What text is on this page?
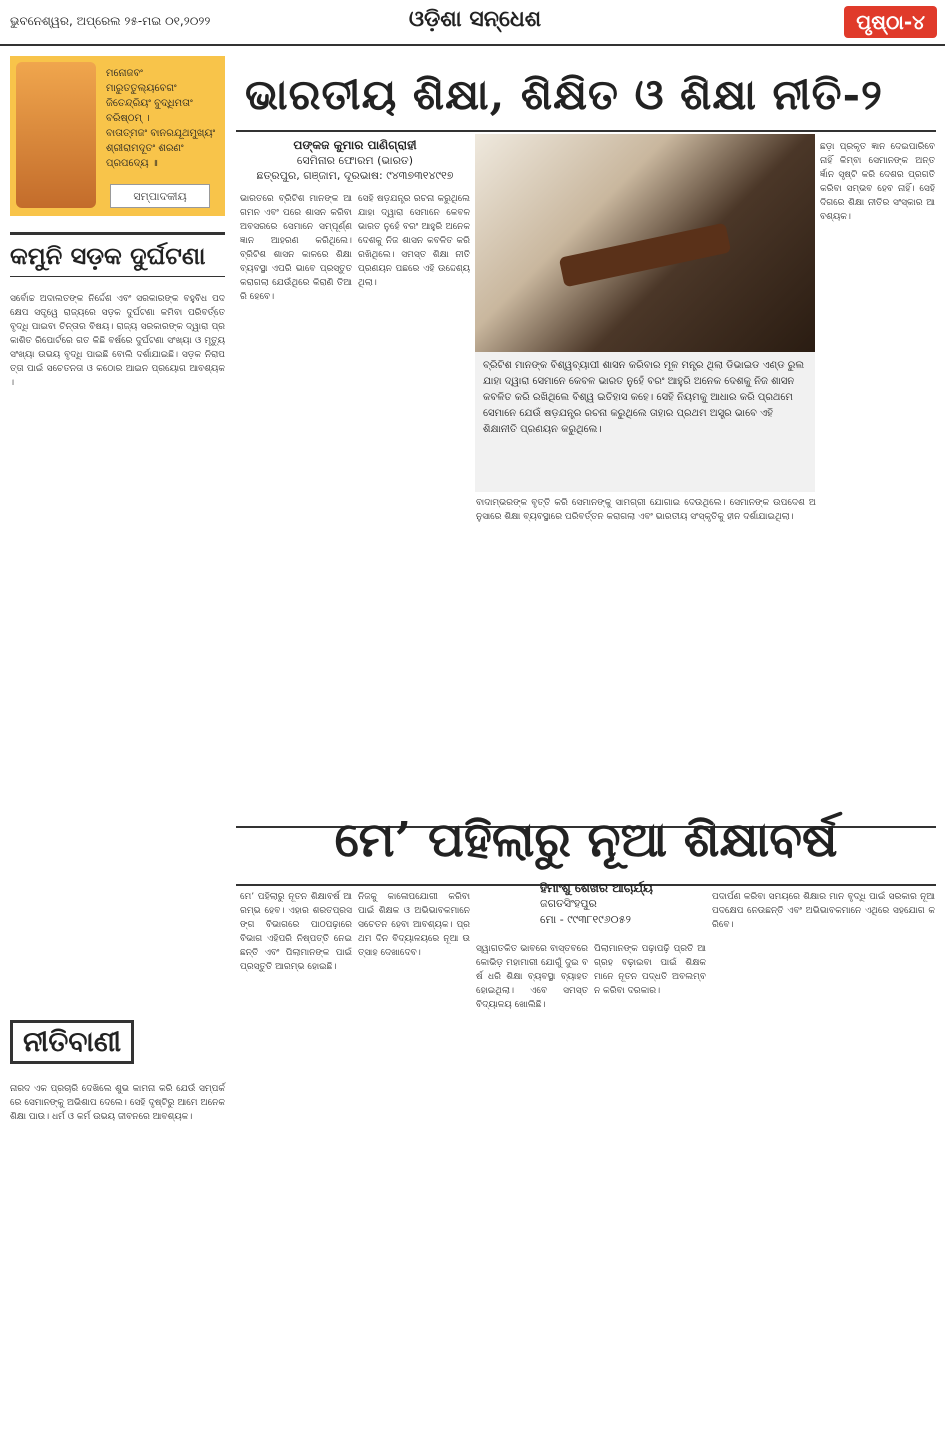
ଭୁବନେଶ୍ୱର, ଅପ୍ରେଲ ୨୫-ମଇ ୦୧,୨୦୨୨	ଓଡ଼ିଶା ସନ୍ଧେଶ	ପୃଷ୍ଠା-୪
ମନୋଜବଂ
ମାରୁତତୁଲ୍ୟବେଗଂ
ଜିତେନ୍ଦ୍ରିୟଂ ବୁଦ୍ଧିମତାଂ
ବରିଷ୍ଠମ୍ ।
ବାତାତ୍ମଜଂ ବାନରଯୂଥମୁଖ୍ୟଂ
ଶ୍ରୀରାମଦୂତଂ ଶରଣଂ
ପ୍ରପଦ୍ୟେ ॥
ସମ୍ପାଦକୀୟ
ଭାରତୀୟ ଶିକ୍ଷା, ଶିକ୍ଷିତ ଓ ଶିକ୍ଷା ନୀତି-୨
ପଙ୍କଜ କୁମାର ପାଣିଗ୍ରାହୀ
ସେମିନାର ଫୋରମ (ଭାରତ)
ଛତ୍ରପୁର, ଗଞ୍ଜାମ, ଦୂରଭାଷ: ୯୪୩୭୩୧୪୯୧୭
କମୁନି ସଡ଼କ ଦୁର୍ଘଟଣା
ସର୍ବୋଚ୍ଚ ଅଦାଲତଙ୍କ ନିର୍ଦ୍ଦେଶ ଏବଂ ସରକାରଙ୍କ ବହୁବିଧ ପଦକ୍ଷେପ ସତ୍ତ୍ୱେ ରାଜ୍ୟରେ ସଡ଼କ ଦୁର୍ଘଟଣା କମିବା ପରିବର୍ତ୍ତେ ବୃଦ୍ଧି ପାଇବା ଚିନ୍ତାର ବିଷୟ। ରାଜ୍ୟ ସରକାରଙ୍କ ଦ୍ୱାରା ପ୍ରକାଶିତ ରିପୋର୍ଟରେ ଗତ କିଛି ବର୍ଷରେ ଦୁର୍ଘଟଣା ସଂଖ୍ୟା ଓ ମୃତ୍ୟୁ ସଂଖ୍ୟା ଉଭୟ ବୃଦ୍ଧି ପାଇଛି ବୋଲି ଦର୍ଶାଯାଇଛି। ସଡ଼କ ନିରାପତ୍ତା ପାଇଁ ସଚେତନତା ଓ କଠୋର ଆଇନ ପ୍ରୟୋଗ ଆବଶ୍ୟକ।
ଭାରତରେ ବ୍ରିଟିଶ ମାନଙ୍କ ଆଗମନ ଏବଂ ପରେ ଶାସନ କରିବା ଅବସରରେ ସେମାନେ ସମ୍ପୂର୍ଣ୍ଣ ଜ୍ଞାନ ଆହରଣ କରିଥିଲେ। ବ୍ରିଟିଶ ଶାସନ କାଳରେ ଶିକ୍ଷା ବ୍ୟବସ୍ଥା ଏପରି ଭାବେ ପ୍ରସ୍ତୁତ କରାଗଲା ଯେଉଁଥିରେ କିରାଣି ତିଆରି ହେବେ।
ସେହି ଷଡ଼ଯନ୍ତ୍ର ରଚନା କରୁଥିଲେ ଯାହା ଦ୍ୱାରା ସେମାନେ କେବଳ ଭାରତ ନୁହେଁ ବରଂ ଆହୁରି ଅନେକ ଦେଶକୁ ନିଜ ଶାସନ କବଳିତ କରି ରଖିଥିଲେ। ସମସ୍ତ ଶିକ୍ଷା ନୀତି ପ୍ରଣୟନ ପଛରେ ଏହି ଉଦ୍ଦେଶ୍ୟ ଥିଲା।
ବ୍ରିଟିଶ ମାନଙ୍କ ବିଶ୍ୱବ୍ୟାପୀ ଶାସନ କରିବାର ମୂଳ ମନ୍ତ୍ର ଥିଲା ଡିଭାଇଡ ଏଣ୍ଡ ରୁଲ ଯାହା ଦ୍ୱାରା ସେମାନେ କେବଳ ଭାରତ ନୁହେଁ ବରଂ ଆହୁରି ଅନେକ ଦେଶକୁ ନିଜ ଶାସନ କବଳିତ କରି ରଖିଥିଲେ ବିଶ୍ୱ ଇତିହାସ କହେ। ସେହି ନିୟମକୁ ଆଧାର କରି ପ୍ରଥମେ ସେମାନେ ଯେଉଁ ଷଡ଼ଯନ୍ତ୍ର ରଚନା କରୁଥିଲେ ତାହାର ପ୍ରଥମ ଅସ୍ତ୍ର ଭାବେ ଏହି ଶିକ୍ଷାନୀତି ପ୍ରଣୟନ କରୁଥିଲେ।
ବାଦାମ୍ଭରଙ୍କ ବୃତ୍ତି କରି ସେମାନଙ୍କୁ ସାମଗ୍ରୀ ଯୋଗାଇ ଦେଉଥିଲେ। ସେମାନଙ୍କ ଉପଦେଶ ଅନୁସାରେ ଶିକ୍ଷା ବ୍ୟବସ୍ଥାରେ ପରିବର୍ତ୍ତନ କରାଗଲା ଏବଂ ଭାରତୀୟ ସଂସ୍କୃତିକୁ ହୀନ ଦର୍ଶାଯାଇଥିଲା।
ଛଡ଼ା ପ୍ରକୃତ ଜ୍ଞାନ ଦେଇପାରିବେ ନାହିଁ କିମ୍ବା ସେମାନଙ୍କ ଅନ୍ତର୍ଜ୍ଞାନ ସୃଷ୍ଟି କରି ଦେଶର ପ୍ରଗତି କରିବା ସମ୍ଭବ ହେବ ନାହିଁ। ସେହି ଦିଗରେ ଶିକ୍ଷା ନୀତିର ସଂସ୍କାର ଆବଶ୍ୟକ।
ମେ’ ପହିଲାରୁ ନୂଆ ଶିକ୍ଷାବର୍ଷ
ହିମାଂଶୁ ଶେଖର ଆଚାର୍ଯ୍ୟ
ଜଗତସିଂହପୁର
ମୋ - ୯୯୩୮୧୯୬୦୫୨
ମେ’ ପହିଲାରୁ ନୂତନ ଶିକ୍ଷାବର୍ଷ ଆରମ୍ଭ ହେବ। ଏହାର ଶରତପ୍ରସଙ୍ଗ ବିଭାଗରେ ପାଠପଢ଼ାରେ ବିଭାଗ ଏହିପରି ନିଷ୍ପତ୍ତି ନେଇଛନ୍ତି ଏବଂ ପିଲାମାନଙ୍କ ପାଇଁ ପ୍ରସ୍ତୁତି ଆରମ୍ଭ ହୋଇଛି।
ନିଜକୁ କାଳୋପଯୋଗୀ କରିବା ପାଇଁ ଶିକ୍ଷକ ଓ ଅଭିଭାବକମାନେ ସଚେତନ ହେବା ଆବଶ୍ୟକ। ପ୍ରଥମ ଦିନ ବିଦ୍ୟାଳୟରେ ନୂଆ ଉତ୍ସାହ ଦେଖାଦେବ।	ସ୍ୱାଗତକିତ ଭାବରେ ବାସ୍ତବରେ କୋଭିଡ଼ ମହାମାରୀ ଯୋଗୁଁ ଦୁଇ ବର୍ଷ ଧରି ଶିକ୍ଷା ବ୍ୟବସ୍ଥା ବ୍ୟାହତ ହୋଇଥିଲା। ଏବେ ସମସ୍ତ ବିଦ୍ୟାଳୟ ଖୋଲିଛି।
ପିଲାମାନଙ୍କ ପଢ଼ାପଢ଼ି ପ୍ରତି ଆଗ୍ରହ ବଢ଼ାଇବା ପାଇଁ ଶିକ୍ଷକମାନେ ନୂତନ ପଦ୍ଧତି ଅବଲମ୍ବନ କରିବା ଦରକାର।
ପଦାର୍ପଣ କରିବା ସମୟରେ ଶିକ୍ଷାର ମାନ ବୃଦ୍ଧି ପାଇଁ ସରକାର ନୂଆ ପଦକ୍ଷେପ ନେଉଛନ୍ତି ଏବଂ ଅଭିଭାବକମାନେ ଏଥିରେ ସହଯୋଗ କରିବେ।
ନୀତିବାଣୀ
ନାରଦ ଏକ ପ୍ରଚାରି ଦେଖିଲେ ଶୁଭ କାମନା କରି ଯେଉଁ ସମ୍ପର୍କରେ ସେମାନଙ୍କୁ ଅଭିଶାପ ଦେଲେ। ସେହି ଦୃଷ୍ଟିରୁ ଆମେ ଅନେକ ଶିକ୍ଷା ପାଉ। ଧର୍ମ ଓ କର୍ମ ଉଭୟ ଜୀବନରେ ଆବଶ୍ୟକ।
